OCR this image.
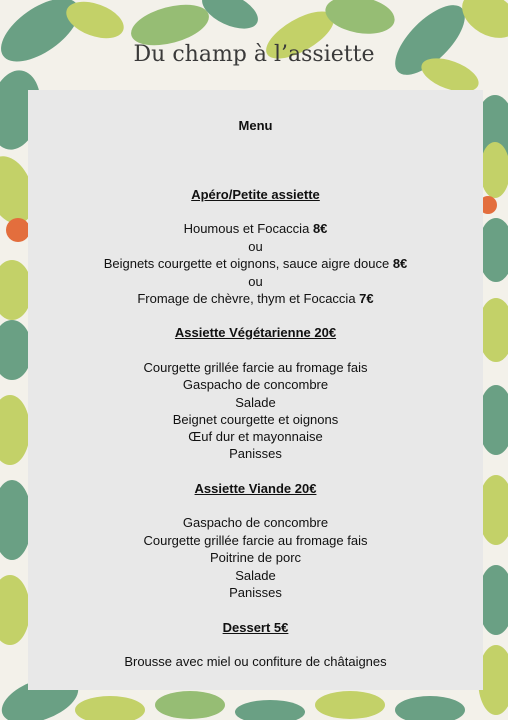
Du champ à l’assiette
Menu
Apéro/Petite assiette
Houmous et Focaccia 8€
ou
Beignets courgette et oignons, sauce aigre douce 8€
ou
Fromage de chèvre, thym et Focaccia 7€
Assiette Végétarienne 20€
Courgette grillée farcie au fromage fais
Gaspacho de concombre
Salade
Beignet courgette et oignons
Œuf dur et mayonnaise
Panisses
Assiette Viande 20€
Gaspacho de concombre
Courgette grillée farcie au fromage fais
Poitrine de porc
Salade
Panisses
Dessert 5€
Brousse avec miel ou confiture de châtaignes
